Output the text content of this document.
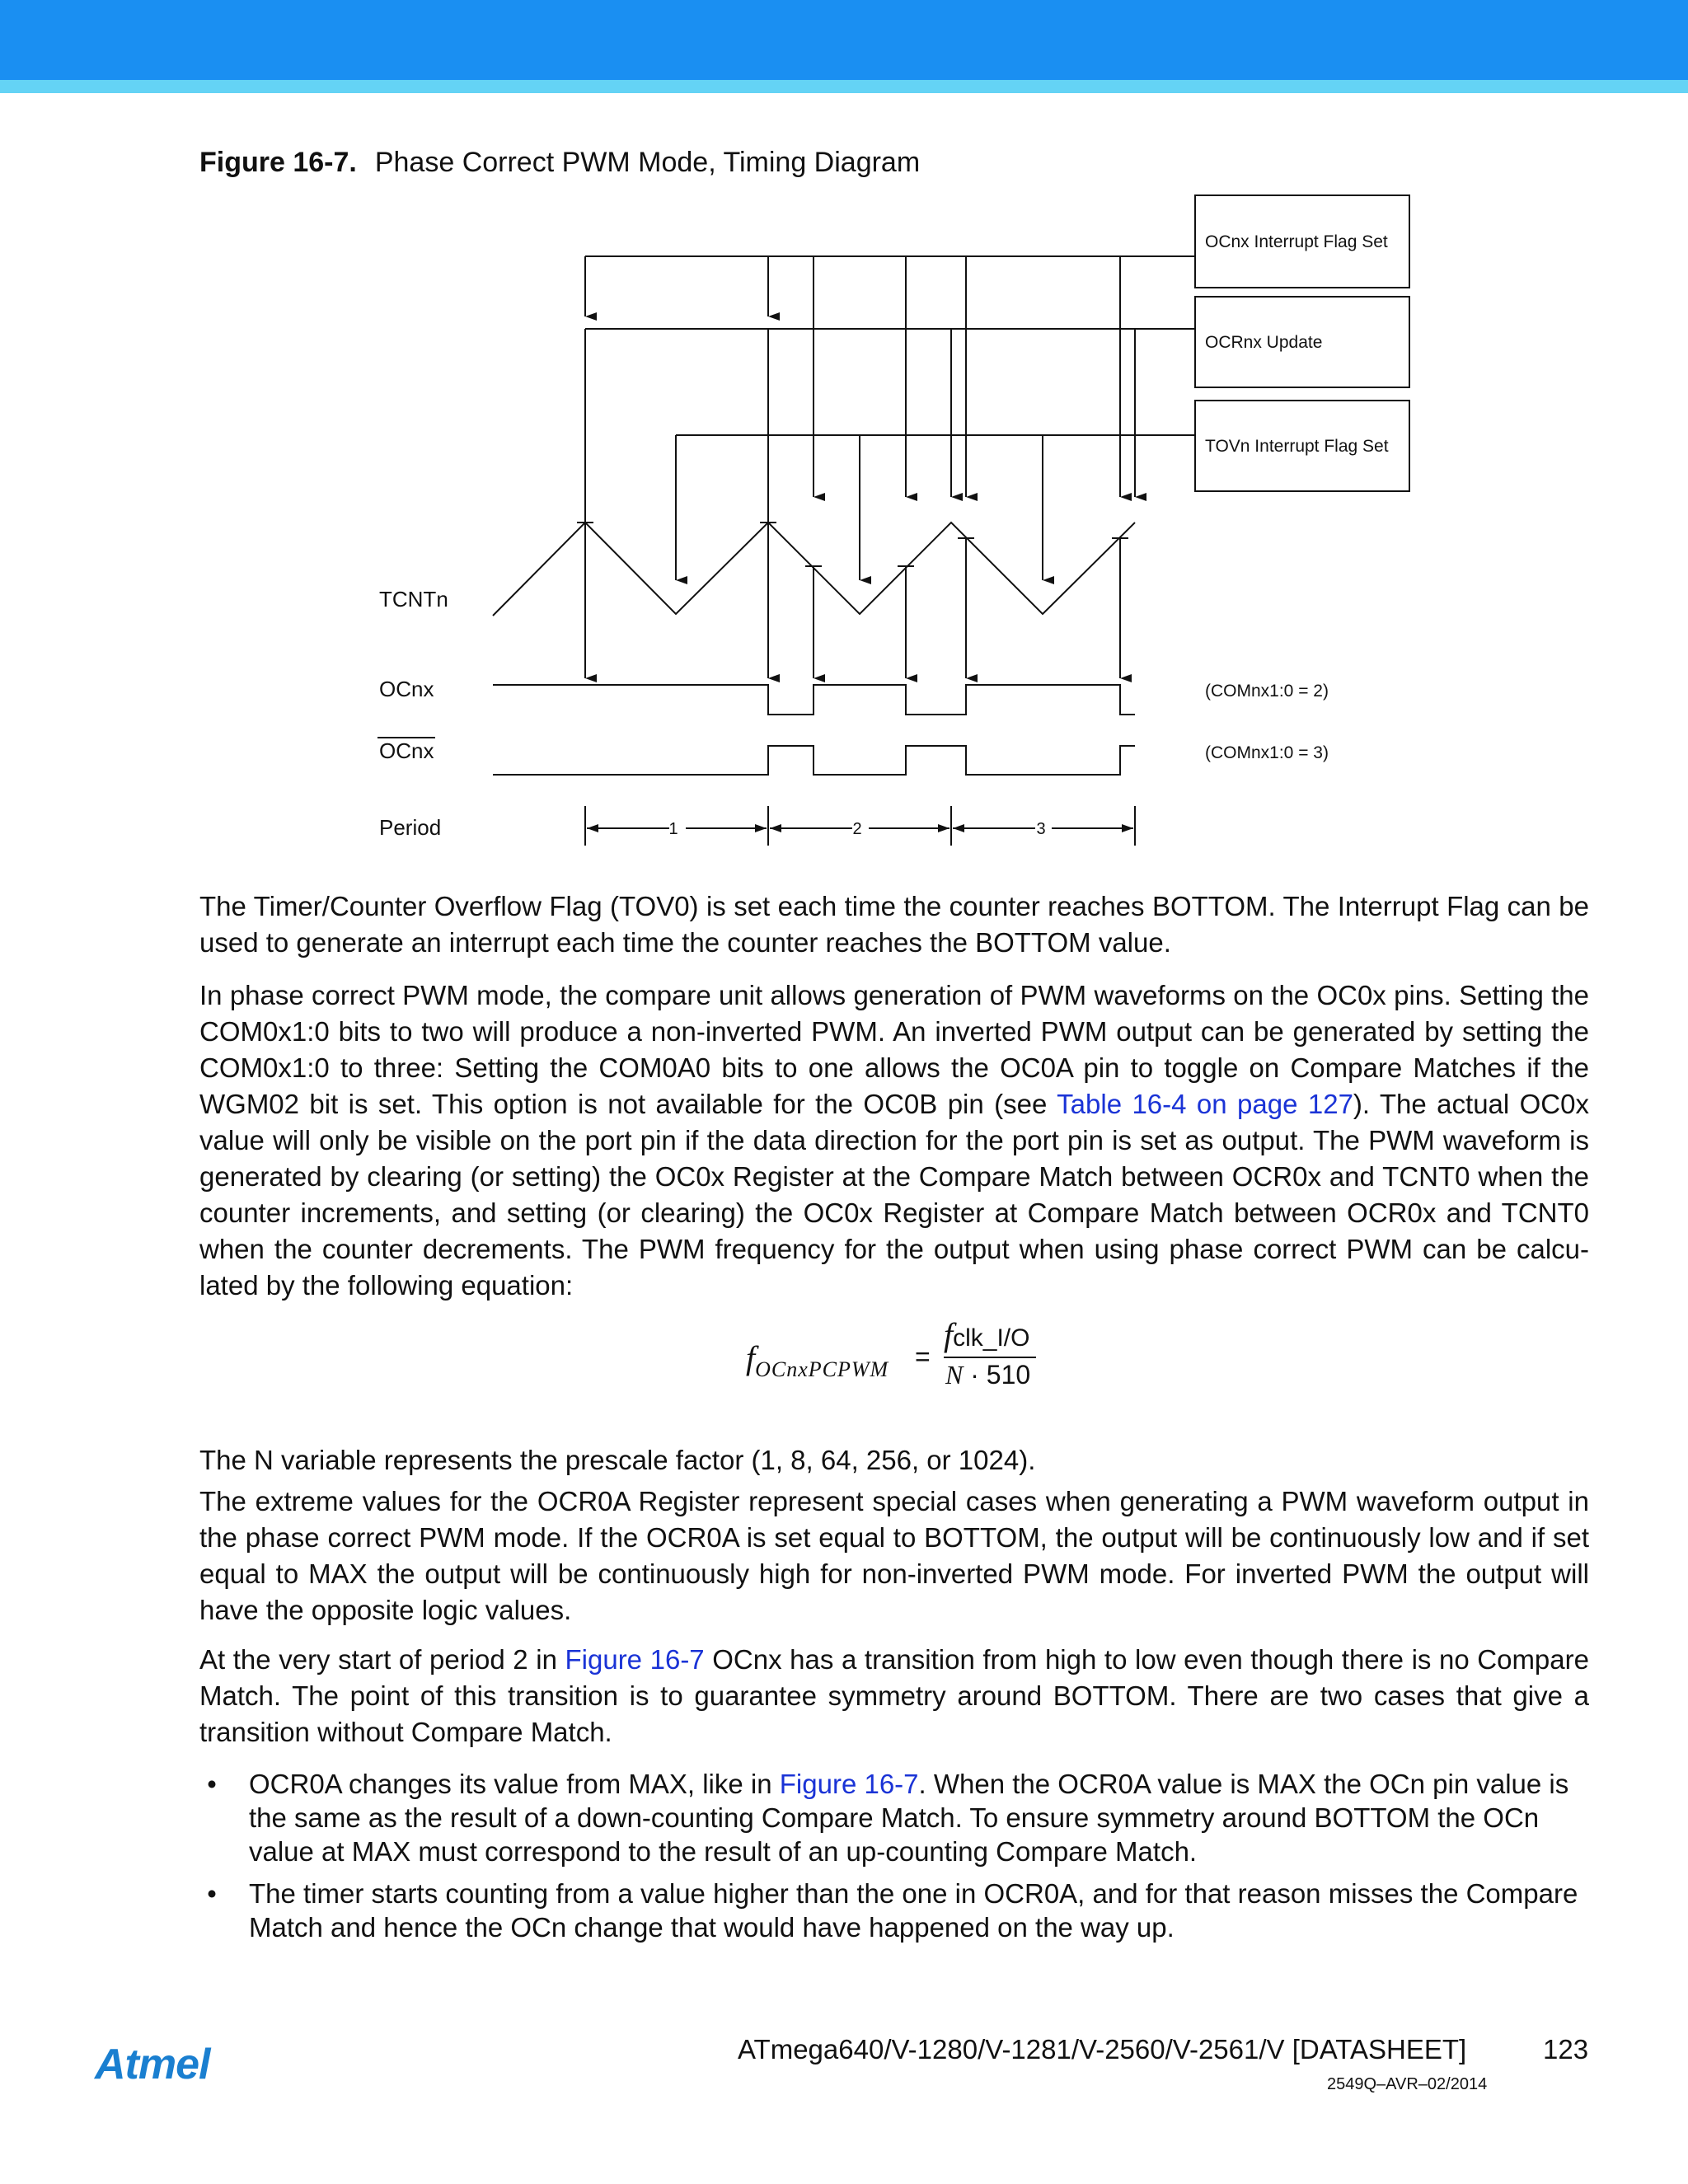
Figure 16-7. Phase Correct PWM Mode, Timing Diagram
OCnx Interrupt Flag Set
OCRnx Update
TOVn Interrupt Flag Set
TCNTn
OCnx
OCnx
Period
(COMnx1:0 = 2)
(COMnx1:0 = 3)
1	2	3
The Timer/Counter Overflow Flag (TOV0) is set each time the counter reaches BOTTOM. The Interrupt Flag can be used to generate an interrupt each time the counter reaches the BOTTOM value.
In phase correct PWM mode, the compare unit allows generation of PWM waveforms on the OC0x pins. Setting the COM0x1:0 bits to two will produce a non-inverted PWM. An inverted PWM output can be generated by setting the COM0x1:0 to three: Setting the COM0A0 bits to one allows the OC0A pin to toggle on Compare Matches if the WGM02 bit is set. This option is not available for the OC0B pin (see Table 16-4 on page 127). The actual OC0x value will only be visible on the port pin if the data direction for the port pin is set as output. The PWM waveform is generated by clearing (or setting) the OC0x Register at the Compare Match between OCR0x and TCNT0 when the counter increments, and setting (or clearing) the OC0x Register at Compare Match between OCR0x and TCNT0 when the counter decrements. The PWM frequency for the output when using phase correct PWM can be calcu-lated by the following equation:
$f_{OCnxPCPWM}$ =
fclk_I/O
N · 510
The N variable represents the prescale factor (1, 8, 64, 256, or 1024).
The extreme values for the OCR0A Register represent special cases when generating a PWM waveform output in the phase correct PWM mode. If the OCR0A is set equal to BOTTOM, the output will be continuously low and if set equal to MAX the output will be continuously high for non-inverted PWM mode. For inverted PWM the output will have the opposite logic values.
At the very start of period 2 in Figure 16-7 OCnx has a transition from high to low even though there is no Compare Match. The point of this transition is to guarantee symmetry around BOTTOM. There are two cases that give a transition without Compare Match.
• OCR0A changes its value from MAX, like in Figure 16-7. When the OCR0A value is MAX the OCn pin value is the same as the result of a down-counting Compare Match. To ensure symmetry around BOTTOM the OCn value at MAX must correspond to the result of an up-counting Compare Match.
• The timer starts counting from a value higher than the one in OCR0A, and for that reason misses the Compare Match and hence the OCn change that would have happened on the way up.
Atmel	ATmega640/V-1280/V-1281/V-2560/V-2561/V [DATASHEET]	123
2549Q–AVR–02/2014
